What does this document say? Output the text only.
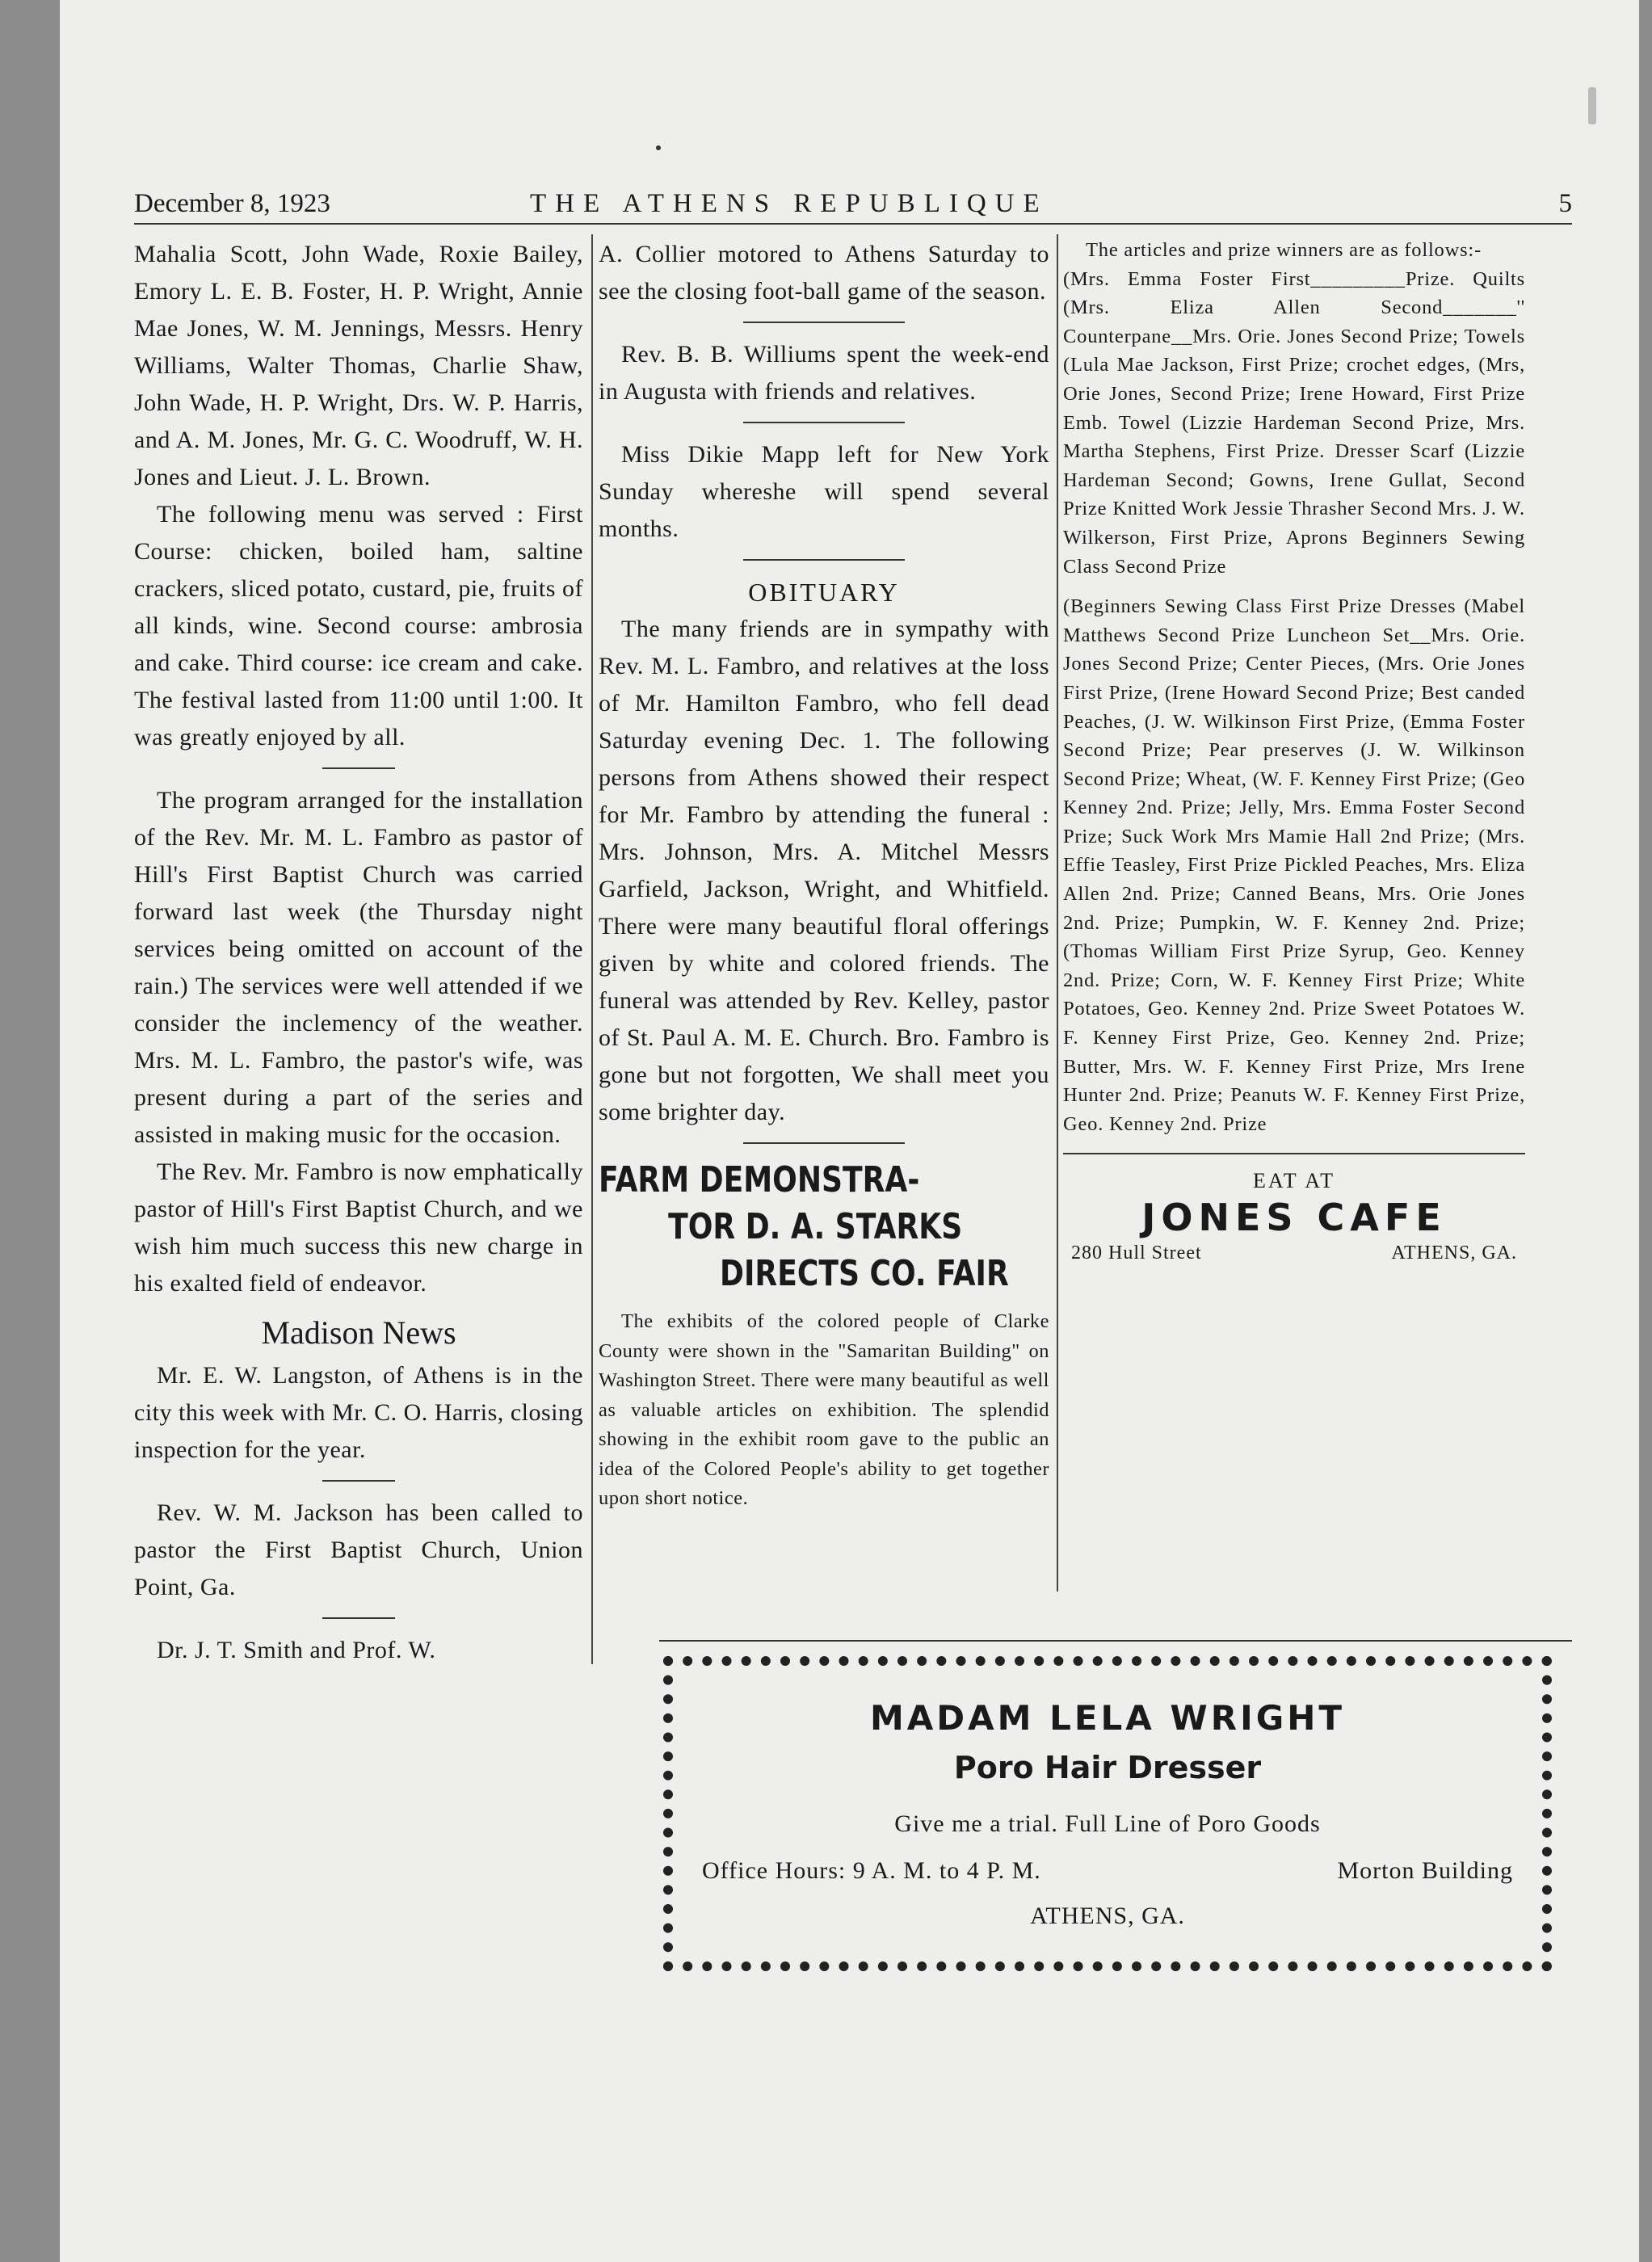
December 8, 1923	THE ATHENS REPUBLIQUE	5

Mahalia Scott, John Wade, Roxie Bailey, Emory L. E. B. Foster, H. P. Wright, Annie Mae Jones, W. M. Jennings, Messrs. Henry Williams, Walter Thomas, Charlie Shaw, John Wade, H. P. Wright, Drs. W. P. Harris, and A. M. Jones, Mr. G. C. Woodruff, W. H. Jones and Lieut. J. L. Brown.

The following menu was served : First Course: chicken, boiled ham, saltine crackers, sliced potato, custard, pie, fruits of all kinds, wine. Second course: ambrosia and cake. Third course: ice cream and cake. The festival lasted from 11:00 until 1:00. It was greatly enjoyed by all.

The program arranged for the installation of the Rev. Mr. M. L. Fambro as pastor of Hill's First Baptist Church was carried forward last week (the Thursday night services being omitted on account of the rain.) The services were well attended if we consider the inclemency of the weather. Mrs. M. L. Fambro, the pastor's wife, was present during a part of the series and assisted in making music for the occasion.

The Rev. Mr. Fambro is now emphatically pastor of Hill's First Baptist Church, and we wish him much success this new charge in his exalted field of endeavor.

Madison News

Mr. E. W. Langston, of Athens is in the city this week with Mr. C. O. Harris, closing inspection for the year.

Rev. W. M. Jackson has been called to pastor the First Baptist Church, Union Point, Ga.

Dr. J. T. Smith and Prof. W.

A. Collier motored to Athens Saturday to see the closing foot-ball game of the season.

Rev. B. B. Williums spent the week-end in Augusta with friends and relatives.

Miss Dikie Mapp left for New York Sunday whereshe will spend several months.

OBITUARY

The many friends are in sympathy with Rev. M. L. Fambro, and relatives at the loss of Mr. Hamilton Fambro, who fell dead Saturday evening Dec. 1. The following persons from Athens showed their respect for Mr. Fambro by attending the funeral : Mrs. Johnson, Mrs. A. Mitchel Messrs Garfield, Jackson, Wright, and Whitfield. There were many beautiful floral offerings given by white and colored friends. The funeral was attended by Rev. Kelley, pastor of St. Paul A. M. E. Church. Bro. Fambro is gone but not forgotten, We shall meet you some brighter day.

FARM DEMONSTRA-
TOR D. A. STARKS
DIRECTS CO. FAIR

The exhibits of the colored people of Clarke County were shown in the "Samaritan Building" on Washington Street. There were many beautiful as well as valuable articles on exhibition. The splendid showing in the exhibit room gave to the public an idea of the Colored People's ability to get together upon short notice.

The articles and prize winners are as follows:-

(Mrs. Emma Foster First_________Prize. Quilts (Mrs. Eliza Allen Second_______'' Counterpane__Mrs. Orie. Jones Second Prize; Towels (Lula Mae Jackson, First Prize; crochet edges, (Mrs, Orie Jones, Second Prize; Irene Howard, First Prize Emb. Towel (Lizzie Hardeman Second Prize, Mrs. Martha Stephens, First Prize. Dresser Scarf (Lizzie Hardeman Second; Gowns, Irene Gullat, Second Prize Knitted Work Jessie Thrasher Second Mrs. J. W. Wilkerson, First Prize, Aprons Beginners Sewing Class Second Prize

(Beginners Sewing Class First Prize Dresses (Mabel Matthews Second Prize Luncheon Set__Mrs. Orie. Jones Second Prize; Center Pieces, (Mrs. Orie Jones First Prize, (Irene Howard Second Prize; Best canded Peaches, (J. W. Wilkinson First Prize, (Emma Foster Second Prize; Pear preserves (J. W. Wilkinson Second Prize; Wheat, (W. F. Kenney First Prize; (Geo Kenney 2nd. Prize; Jelly, Mrs. Emma Foster Second Prize; Suck Work Mrs Mamie Hall 2nd Prize; (Mrs. Effie Teasley, First Prize Pickled Peaches, Mrs. Eliza Allen 2nd. Prize; Canned Beans, Mrs. Orie Jones 2nd. Prize; Pumpkin, W. F. Kenney 2nd. Prize; (Thomas William First Prize Syrup, Geo. Kenney 2nd. Prize; Corn, W. F. Kenney First Prize; White Potatoes, Geo. Kenney 2nd. Prize Sweet Potatoes W. F. Kenney First Prize, Geo. Kenney 2nd. Prize; Butter, Mrs. W. F. Kenney First Prize, Mrs Irene Hunter 2nd. Prize; Peanuts W. F. Kenney First Prize, Geo. Kenney 2nd. Prize

EAT AT
JONES CAFE
280 Hull Street	ATHENS, GA.
MADAM LELA WRIGHT
Poro Hair Dresser
Give me a trial. Full Line of Poro Goods
Office Hours: 9 A. M. to 4 P. M.	Morton Building
ATHENS, GA.
